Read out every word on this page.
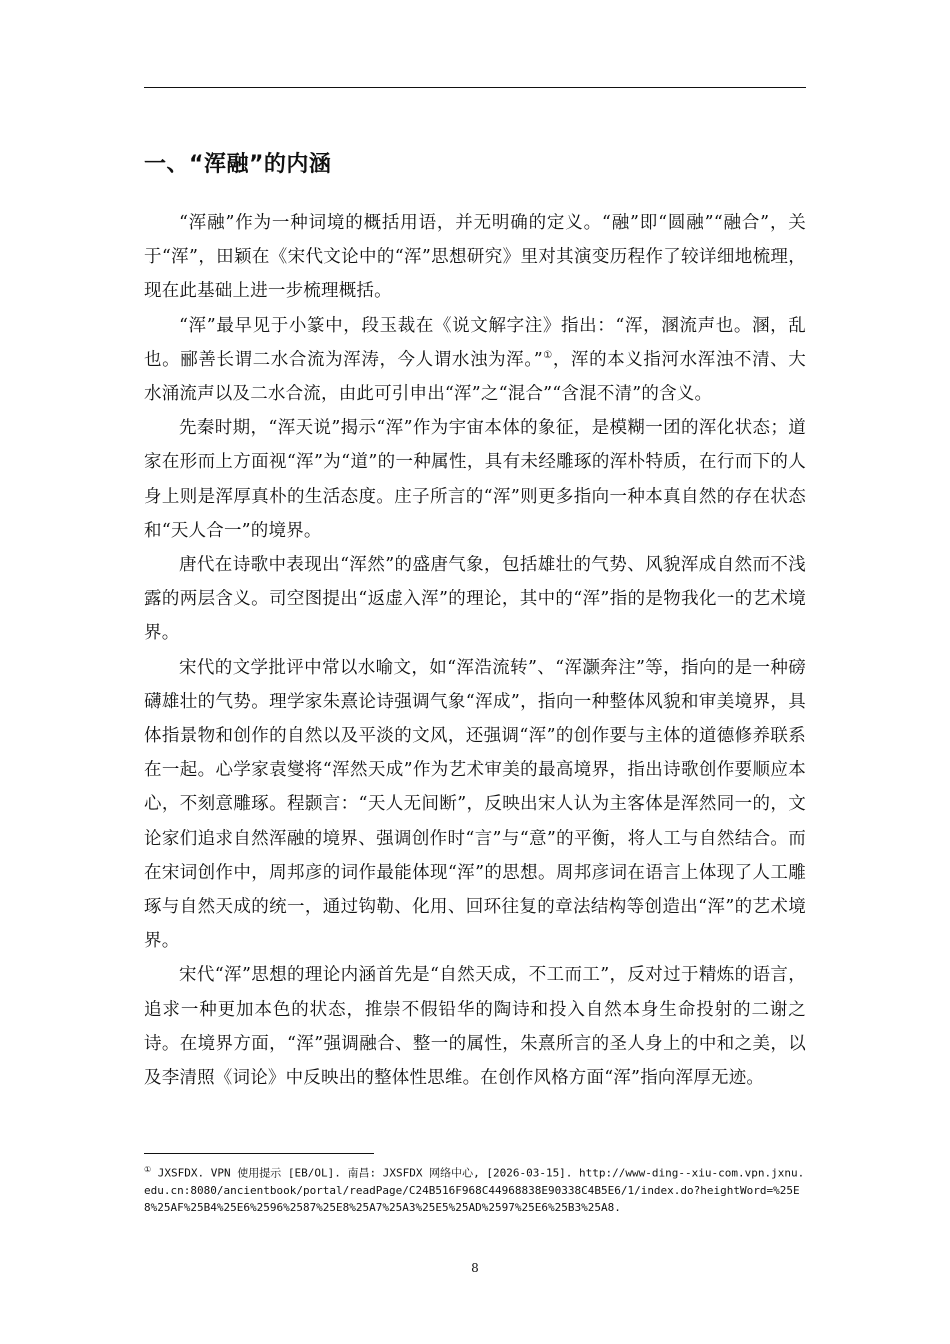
一、“浑融”的内涵

“浑融”作为一种词境的概括用语，并无明确的定义。“融”即“圆融”“融合”，关于“浑”，田颖在《宋代文论中的“浑”思想研究》里对其演变历程作了较详细地梳理，现在此基础上进一步梳理概括。

“浑”最早见于小篆中，段玉裁在《说文解字注》指出：“浑，溷流声也。溷，乱也。郦善长谓二水合流为浑涛，今人谓水浊为浑。”①，浑的本义指河水浑浊不清、大水涌流声以及二水合流，由此可引申出“浑”之“混合”“含混不清”的含义。

先秦时期，“浑天说”揭示“浑”作为宇宙本体的象征，是模糊一团的浑化状态；道家在形而上方面视“浑”为“道”的一种属性，具有未经雕琢的浑朴特质，在行而下的人身上则是浑厚真朴的生活态度。庄子所言的“浑”则更多指向一种本真自然的存在状态和“天人合一”的境界。

唐代在诗歌中表现出“浑然”的盛唐气象，包括雄壮的气势、风貌浑成自然而不浅露的两层含义。司空图提出“返虚入浑”的理论，其中的“浑”指的是物我化一的艺术境界。

宋代的文学批评中常以水喻文，如“浑浩流转”、“浑灏奔注”等，指向的是一种磅礴雄壮的气势。理学家朱熹论诗强调气象“浑成”，指向一种整体风貌和审美境界，具体指景物和创作的自然以及平淡的文风，还强调“浑”的创作要与主体的道德修养联系在一起。心学家袁燮将“浑然天成”作为艺术审美的最高境界，指出诗歌创作要顺应本心，不刻意雕琢。程颢言：“天人无间断”，反映出宋人认为主客体是浑然同一的，文论家们追求自然浑融的境界、强调创作时“言”与“意”的平衡，将人工与自然结合。而在宋词创作中，周邦彦的词作最能体现“浑”的思想。周邦彦词在语言上体现了人工雕琢与自然天成的统一，通过钩勒、化用、回环往复的章法结构等创造出“浑”的艺术境界。

宋代“浑”思想的理论内涵首先是“自然天成，不工而工”，反对过于精炼的语言，追求一种更加本色的状态，推崇不假铅华的陶诗和投入自然本身生命投射的二谢之诗。在境界方面，“浑”强调融合、整一的属性，朱熹所言的圣人身上的中和之美，以及李清照《词论》中反映出的整体性思维。在创作风格方面“浑”指向浑厚无迹。

① JXSFDX. VPN 使用提示 [EB/OL]. 南昌: JXSFDX 网络中心, [2026-03-15]. http://www-ding--xiu-com.vpn.jxnu.edu.cn:8080/ancientbook/portal/readPage/C24B516F968C44968838E90338C4B5E6/1/index.do?heightWord=%25E8%25AF%25B4%25E6%2596%2587%25E8%25A7%25A3%25E5%25AD%2597%25E6%25B3%25A8.

8
